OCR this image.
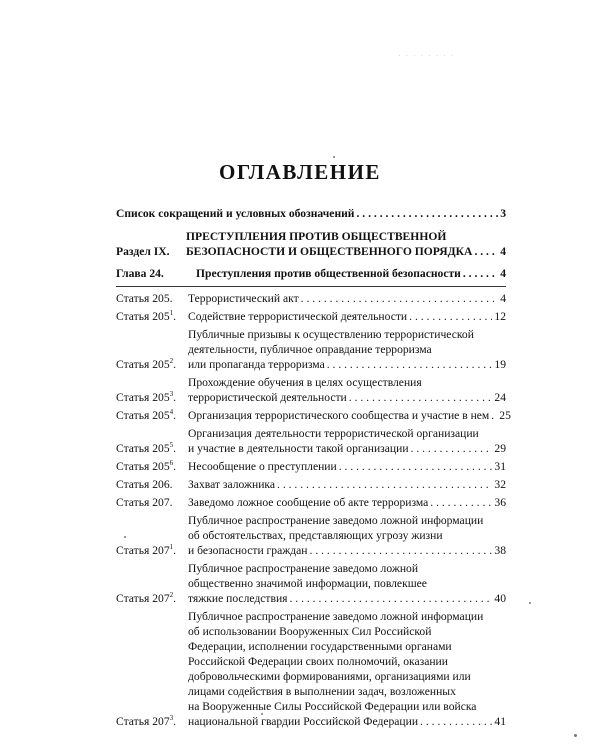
· · · · · · · ·
ОГЛАВЛЕНИЕ
Список сокращений и условных обозначений . . .	3
Раздел IX.
ПРЕСТУПЛЕНИЯ ПРОТИВ ОБЩЕСТВЕННОЙ
БЕЗОПАСНОСТИ И ОБЩЕСТВЕННОГО ПОРЯДКА . . . 4
Глава 24.	Преступления против общественной безопасности . . .	4
Статья 205.	Террористический акт . . .	4
Статья $205^1$.	Содействие террористической деятельности . . .	12
Статья $205^2$.
Публичные призывы к осуществлению террористической
деятельности, публичное оправдание терроризма
или пропаганда терроризма . . .	19
Статья $205^3$.
Прохождение обучения в целях осуществления
террористической деятельности . . .	24
Статья $205^4$.	Организация террористического сообщества и участие в нем . . . 25
Статья $205^5$.
Организация деятельности террористической организации
и участие в деятельности такой организации . . .	29
Статья $205^6$.	Несообщение о преступлении . . .	31
Статья 206.	Захват заложника . . .	32
Статья 207.	Заведомо ложное сообщение об акте терроризма . . .	36
Статья $207^1$.
Публичное распространение заведомо ложной информации
об обстоятельствах, представляющих угрозу жизни
и безопасности граждан . . .	38
Статья $207^2$.
Публичное распространение заведомо ложной
общественно значимой информации, повлекшее
тяжкие последствия . . .	40
Статья $207^3$.
Публичное распространение заведомо ложной информации
об использовании Вооруженных Сил Российской
Федерации, исполнении государственными органами
Российской Федерации своих полномочий, оказании
добровольческими формированиями, организациями или
лицами содействия в выполнении задач, возложенных
на Вооруженные Силы Российской Федерации или войска
национальной гвардии Российской Федерации . . .	41
